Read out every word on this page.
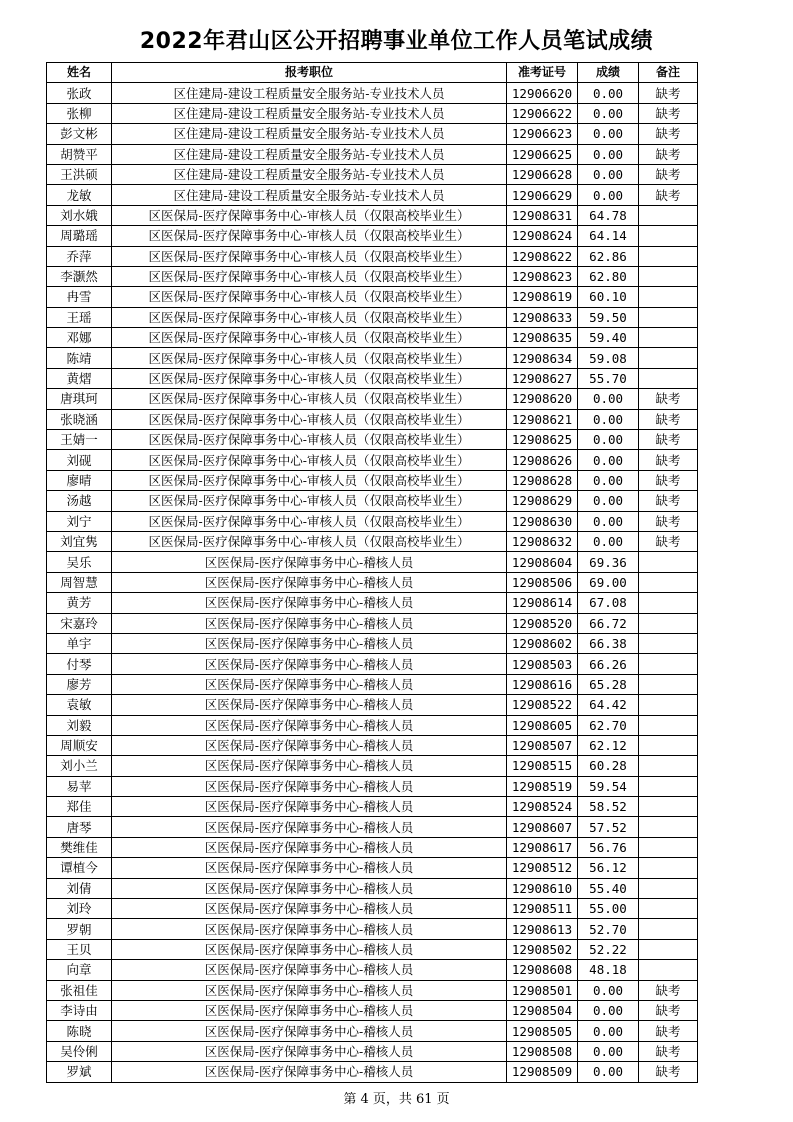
2022年君山区公开招聘事业单位工作人员笔试成绩
姓名	报考职位	准考证号	成绩	备注
张政	区住建局-建设工程质量安全服务站-专业技术人员	12906620	0.00	缺考
张柳	区住建局-建设工程质量安全服务站-专业技术人员	12906622	0.00	缺考
彭文彬	区住建局-建设工程质量安全服务站-专业技术人员	12906623	0.00	缺考
胡赞平	区住建局-建设工程质量安全服务站-专业技术人员	12906625	0.00	缺考
王洪硕	区住建局-建设工程质量安全服务站-专业技术人员	12906628	0.00	缺考
龙敏	区住建局-建设工程质量安全服务站-专业技术人员	12906629	0.00	缺考
刘水娥	区医保局-医疗保障事务中心-审核人员（仅限高校毕业生）	12908631	64.78	
周璐瑶	区医保局-医疗保障事务中心-审核人员（仅限高校毕业生）	12908624	64.14	
乔萍	区医保局-医疗保障事务中心-审核人员（仅限高校毕业生）	12908622	62.86	
李灏然	区医保局-医疗保障事务中心-审核人员（仅限高校毕业生）	12908623	62.80	
冉雪	区医保局-医疗保障事务中心-审核人员（仅限高校毕业生）	12908619	60.10	
王瑶	区医保局-医疗保障事务中心-审核人员（仅限高校毕业生）	12908633	59.50	
邓娜	区医保局-医疗保障事务中心-审核人员（仅限高校毕业生）	12908635	59.40	
陈靖	区医保局-医疗保障事务中心-审核人员（仅限高校毕业生）	12908634	59.08	
黄熠	区医保局-医疗保障事务中心-审核人员（仅限高校毕业生）	12908627	55.70	
唐琪珂	区医保局-医疗保障事务中心-审核人员（仅限高校毕业生）	12908620	0.00	缺考
张晓涵	区医保局-医疗保障事务中心-审核人员（仅限高校毕业生）	12908621	0.00	缺考
王婧一	区医保局-医疗保障事务中心-审核人员（仅限高校毕业生）	12908625	0.00	缺考
刘砚	区医保局-医疗保障事务中心-审核人员（仅限高校毕业生）	12908626	0.00	缺考
廖晴	区医保局-医疗保障事务中心-审核人员（仅限高校毕业生）	12908628	0.00	缺考
汤越	区医保局-医疗保障事务中心-审核人员（仅限高校毕业生）	12908629	0.00	缺考
刘宁	区医保局-医疗保障事务中心-审核人员（仅限高校毕业生）	12908630	0.00	缺考
刘宜隽	区医保局-医疗保障事务中心-审核人员（仅限高校毕业生）	12908632	0.00	缺考
吴乐	区医保局-医疗保障事务中心-稽核人员	12908604	69.36	
周智慧	区医保局-医疗保障事务中心-稽核人员	12908506	69.00	
黄芳	区医保局-医疗保障事务中心-稽核人员	12908614	67.08	
宋嘉玲	区医保局-医疗保障事务中心-稽核人员	12908520	66.72	
单宇	区医保局-医疗保障事务中心-稽核人员	12908602	66.38	
付琴	区医保局-医疗保障事务中心-稽核人员	12908503	66.26	
廖芳	区医保局-医疗保障事务中心-稽核人员	12908616	65.28	
袁敏	区医保局-医疗保障事务中心-稽核人员	12908522	64.42	
刘毅	区医保局-医疗保障事务中心-稽核人员	12908605	62.70	
周顺安	区医保局-医疗保障事务中心-稽核人员	12908507	62.12	
刘小兰	区医保局-医疗保障事务中心-稽核人员	12908515	60.28	
易苹	区医保局-医疗保障事务中心-稽核人员	12908519	59.54	
郑佳	区医保局-医疗保障事务中心-稽核人员	12908524	58.52	
唐琴	区医保局-医疗保障事务中心-稽核人员	12908607	57.52	
樊维佳	区医保局-医疗保障事务中心-稽核人员	12908617	56.76	
谭植今	区医保局-医疗保障事务中心-稽核人员	12908512	56.12	
刘倩	区医保局-医疗保障事务中心-稽核人员	12908610	55.40	
刘玲	区医保局-医疗保障事务中心-稽核人员	12908511	55.00	
罗朝	区医保局-医疗保障事务中心-稽核人员	12908613	52.70	
王贝	区医保局-医疗保障事务中心-稽核人员	12908502	52.22	
向章	区医保局-医疗保障事务中心-稽核人员	12908608	48.18	
张祖佳	区医保局-医疗保障事务中心-稽核人员	12908501	0.00	缺考
李诗由	区医保局-医疗保障事务中心-稽核人员	12908504	0.00	缺考
陈晓	区医保局-医疗保障事务中心-稽核人员	12908505	0.00	缺考
吴伶俐	区医保局-医疗保障事务中心-稽核人员	12908508	0.00	缺考
罗斌	区医保局-医疗保障事务中心-稽核人员	12908509	0.00	缺考
第 4 页，共 61 页
